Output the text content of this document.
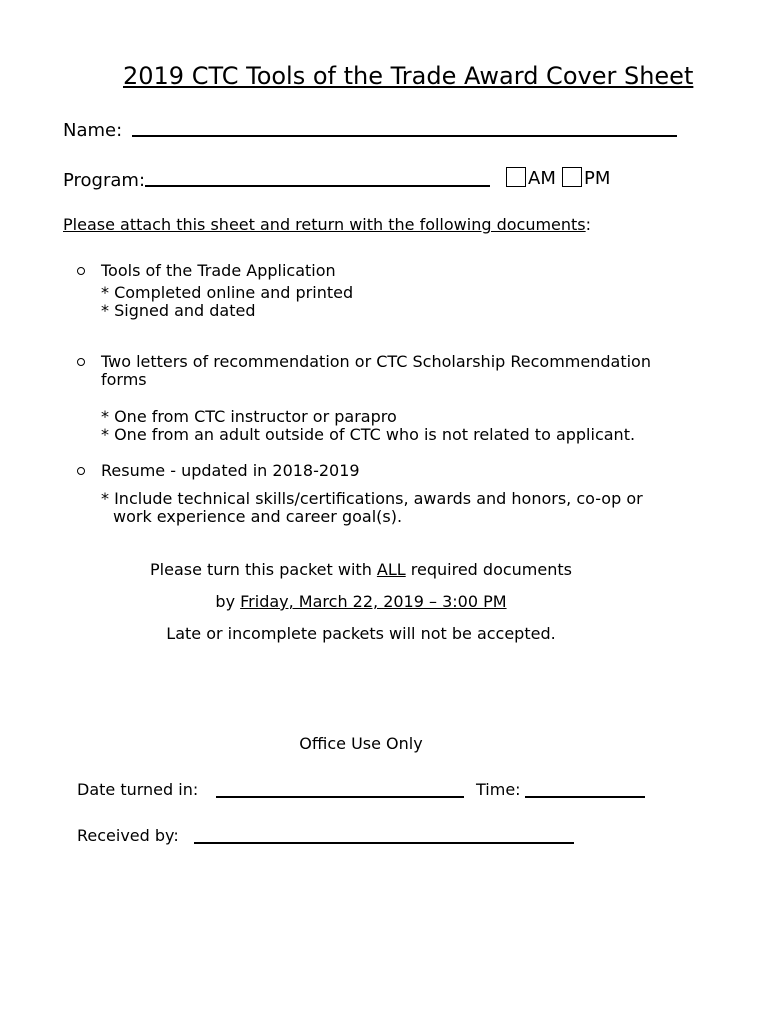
2019 CTC Tools of the Trade Award Cover Sheet
Name:
Program:	AM PM
Please attach this sheet and return with the following documents:
Tools of the Trade Application
* Completed online and printed
* Signed and dated
Two letters of recommendation or CTC Scholarship Recommendation
forms
* One from CTC instructor or parapro
* One from an adult outside of CTC who is not related to applicant.
Resume - updated in 2018-2019
* Include technical skills/certifications, awards and honors, co-op or
work experience and career goal(s).
Please turn this packet with ALL required documents
by Friday, March 22, 2019 – 3:00 PM
Late or incomplete packets will not be accepted.
Office Use Only
Date turned in:	Time:
Received by:
